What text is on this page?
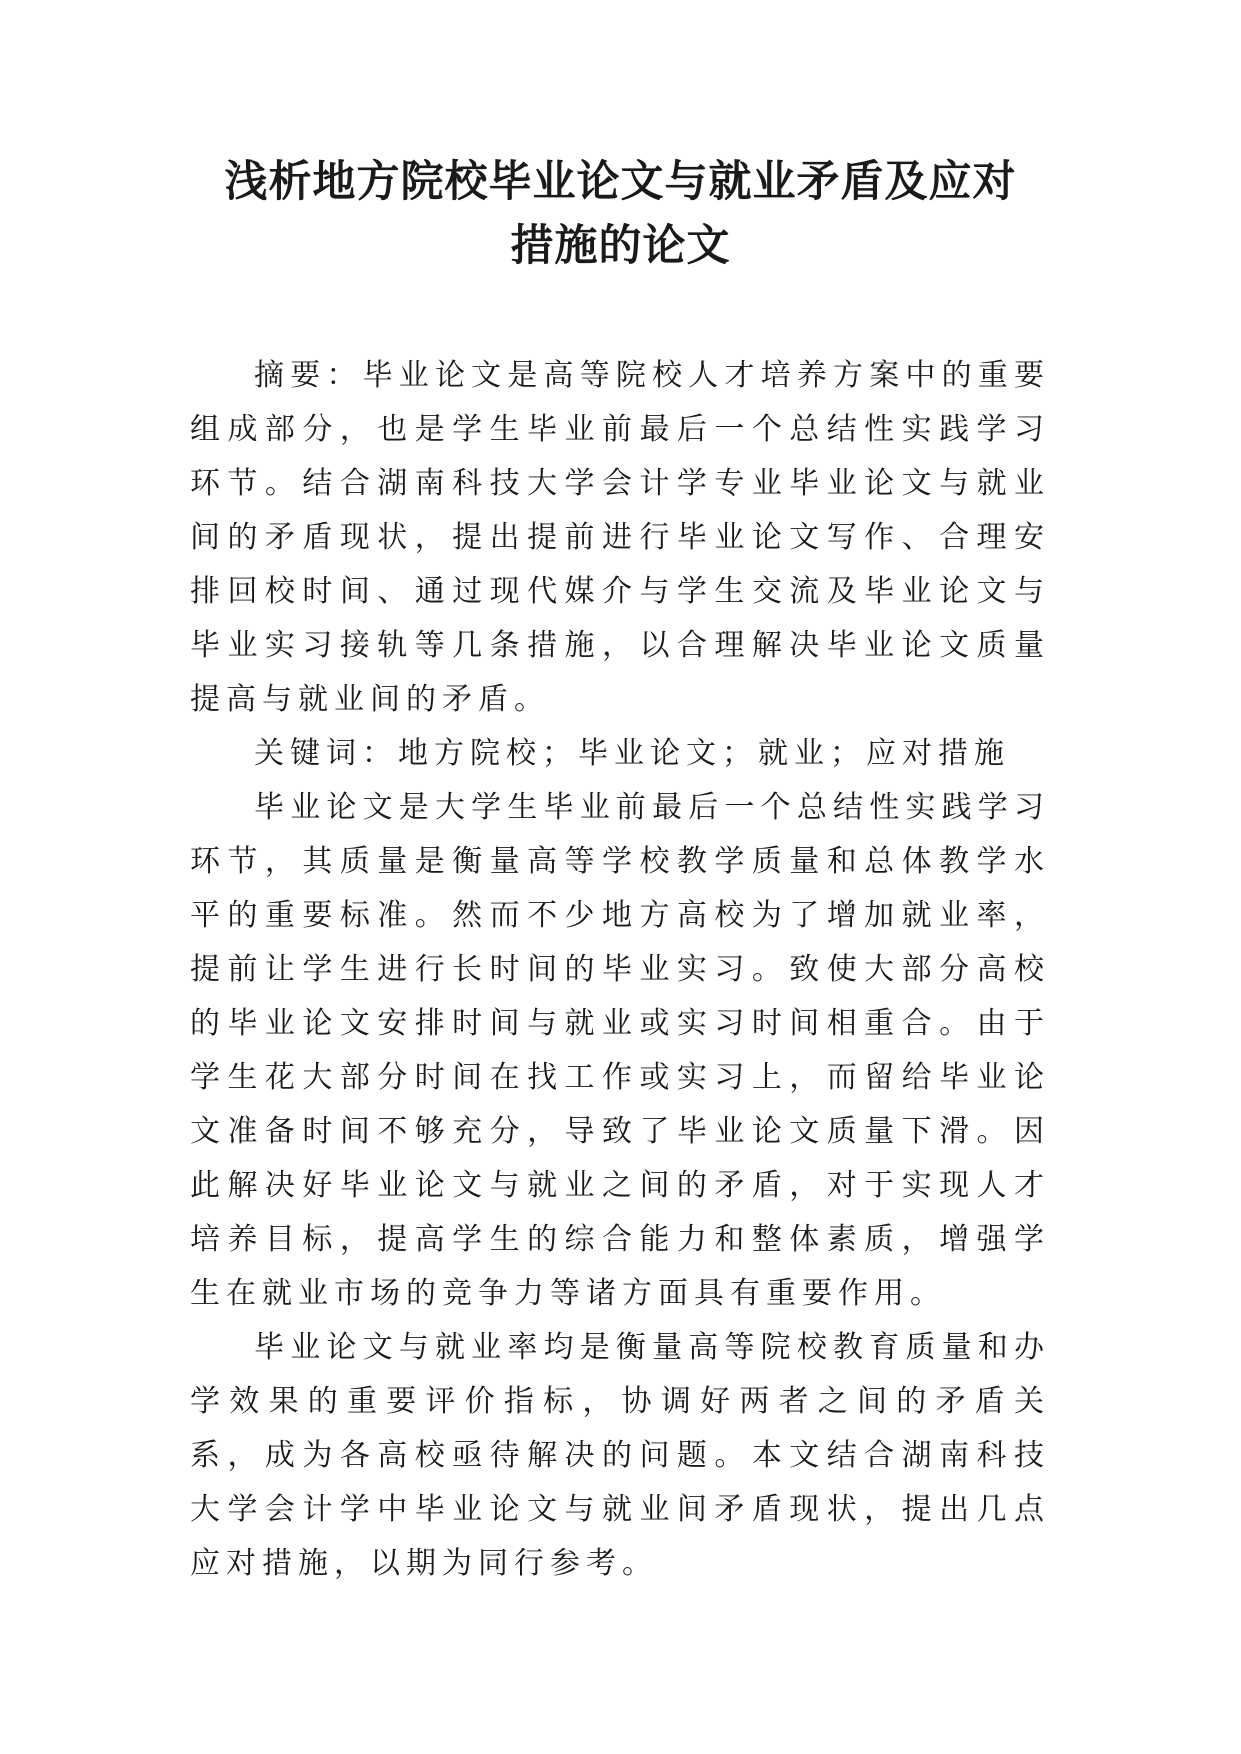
浅析地方院校毕业论文与就业矛盾及应对
措施的论文

摘要：毕业论文是高等院校人才培养方案中的重要组成部分，也是学生毕业前最后一个总结性实践学习环节。结合湖南科技大学会计学专业毕业论文与就业间的矛盾现状，提出提前进行毕业论文写作、合理安排回校时间、通过现代媒介与学生交流及毕业论文与毕业实习接轨等几条措施，以合理解决毕业论文质量提高与就业间的矛盾。

关键词：地方院校；毕业论文；就业；应对措施

毕业论文是大学生毕业前最后一个总结性实践学习环节，其质量是衡量高等学校教学质量和总体教学水平的重要标准。然而不少地方高校为了增加就业率，提前让学生进行长时间的毕业实习。致使大部分高校的毕业论文安排时间与就业或实习时间相重合。由于学生花大部分时间在找工作或实习上，而留给毕业论文准备时间不够充分，导致了毕业论文质量下滑。因此解决好毕业论文与就业之间的矛盾，对于实现人才培养目标，提高学生的综合能力和整体素质，增强学生在就业市场的竞争力等诸方面具有重要作用。

毕业论文与就业率均是衡量高等院校教育质量和办学效果的重要评价指标，协调好两者之间的矛盾关系，成为各高校亟待解决的问题。本文结合湖南科技大学会计学中毕业论文与就业间矛盾现状，提出几点应对措施，以期为同行参考。
